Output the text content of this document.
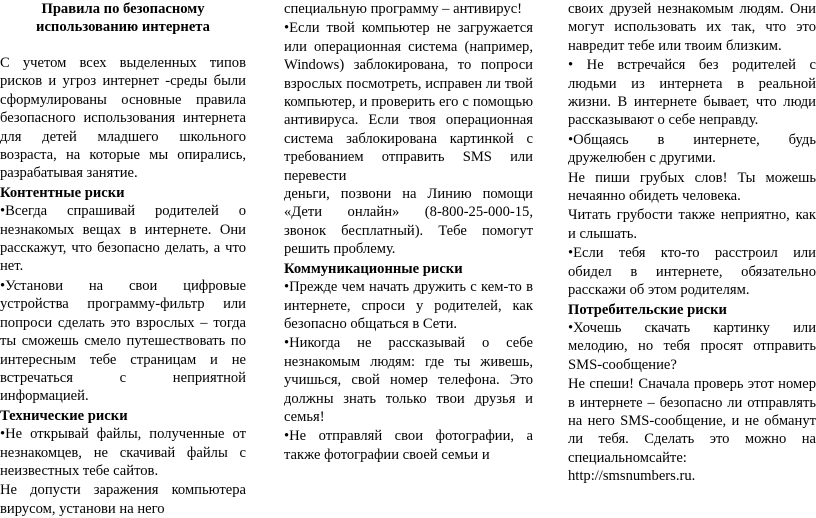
Правила по безопасному использованию интернета

С учетом всех выделенных типов рисков и угроз интернет -среды были сформулированы основные правила безопасного использования интернета для детей младшего школьного возраста, на которые мы опирались, разрабатывая занятие.

Контентные риски

•Всегда спрашивай родителей о незнакомых вещах в интернете. Они расскажут, что безопасно делать, а что нет.

•Установи на свои цифровые устройства программу-фильтр или попроси сделать это взрослых – тогда ты сможешь смело путешествовать по интересным тебе страницам и не встречаться с неприятной информацией.

Технические риски

•Не открывай файлы, полученные от незнакомцев, не скачивай файлы с неизвестных тебе сайтов.

Не допусти заражения компьютера вирусом, установи на него

специальную программу – антивирус!

•Если твой компьютер не загружается или операционная система (например, Windows) заблокирована, то попроси взрослых посмотреть, исправен ли твой компьютер, и проверить его с помощью антивируса. Если твоя операционная система заблокирована картинкой с требованием отправить SMS или перевести

деньги, позвони на Линию помощи «Дети онлайн» (8-800-25-000-15, звонок бесплатный). Тебе помогут решить проблему.

Коммуникационные риски

•Прежде чем начать дружить с кем-то в интернете, спроси у родителей, как безопасно общаться в Сети.

•Никогда не рассказывай о себе незнакомым людям: где ты живешь, учишься, свой номер телефона. Это должны знать только твои друзья и семья!

•Не отправляй свои фотографии, а также фотографии своей семьи и

своих друзей незнакомым людям. Они могут использовать их так, что это навредит тебе или твоим близким.

• Не встречайся без родителей с людьми из интернета в реальной жизни. В интернете бывает, что люди рассказывают о себе неправду.

•Общаясь в интернете, будь дружелюбен с другими.

Не пиши грубых слов! Ты можешь нечаянно обидеть человека.

Читать грубости также неприятно, как и слышать.

•Если тебя кто-то расстроил или обидел в интернете, обязательно расскажи об этом родителям.

Потребительские риски

•Хочешь скачать картинку или мелодию, но тебя просят отправить SMS-сообщение?

Не спеши! Сначала проверь этот номер в интернете – безопасно ли отправлять на него SMS-сообщение, и не обманут ли тебя. Сделать это можно на специальномсайте: http://smsnumbers.ru.
